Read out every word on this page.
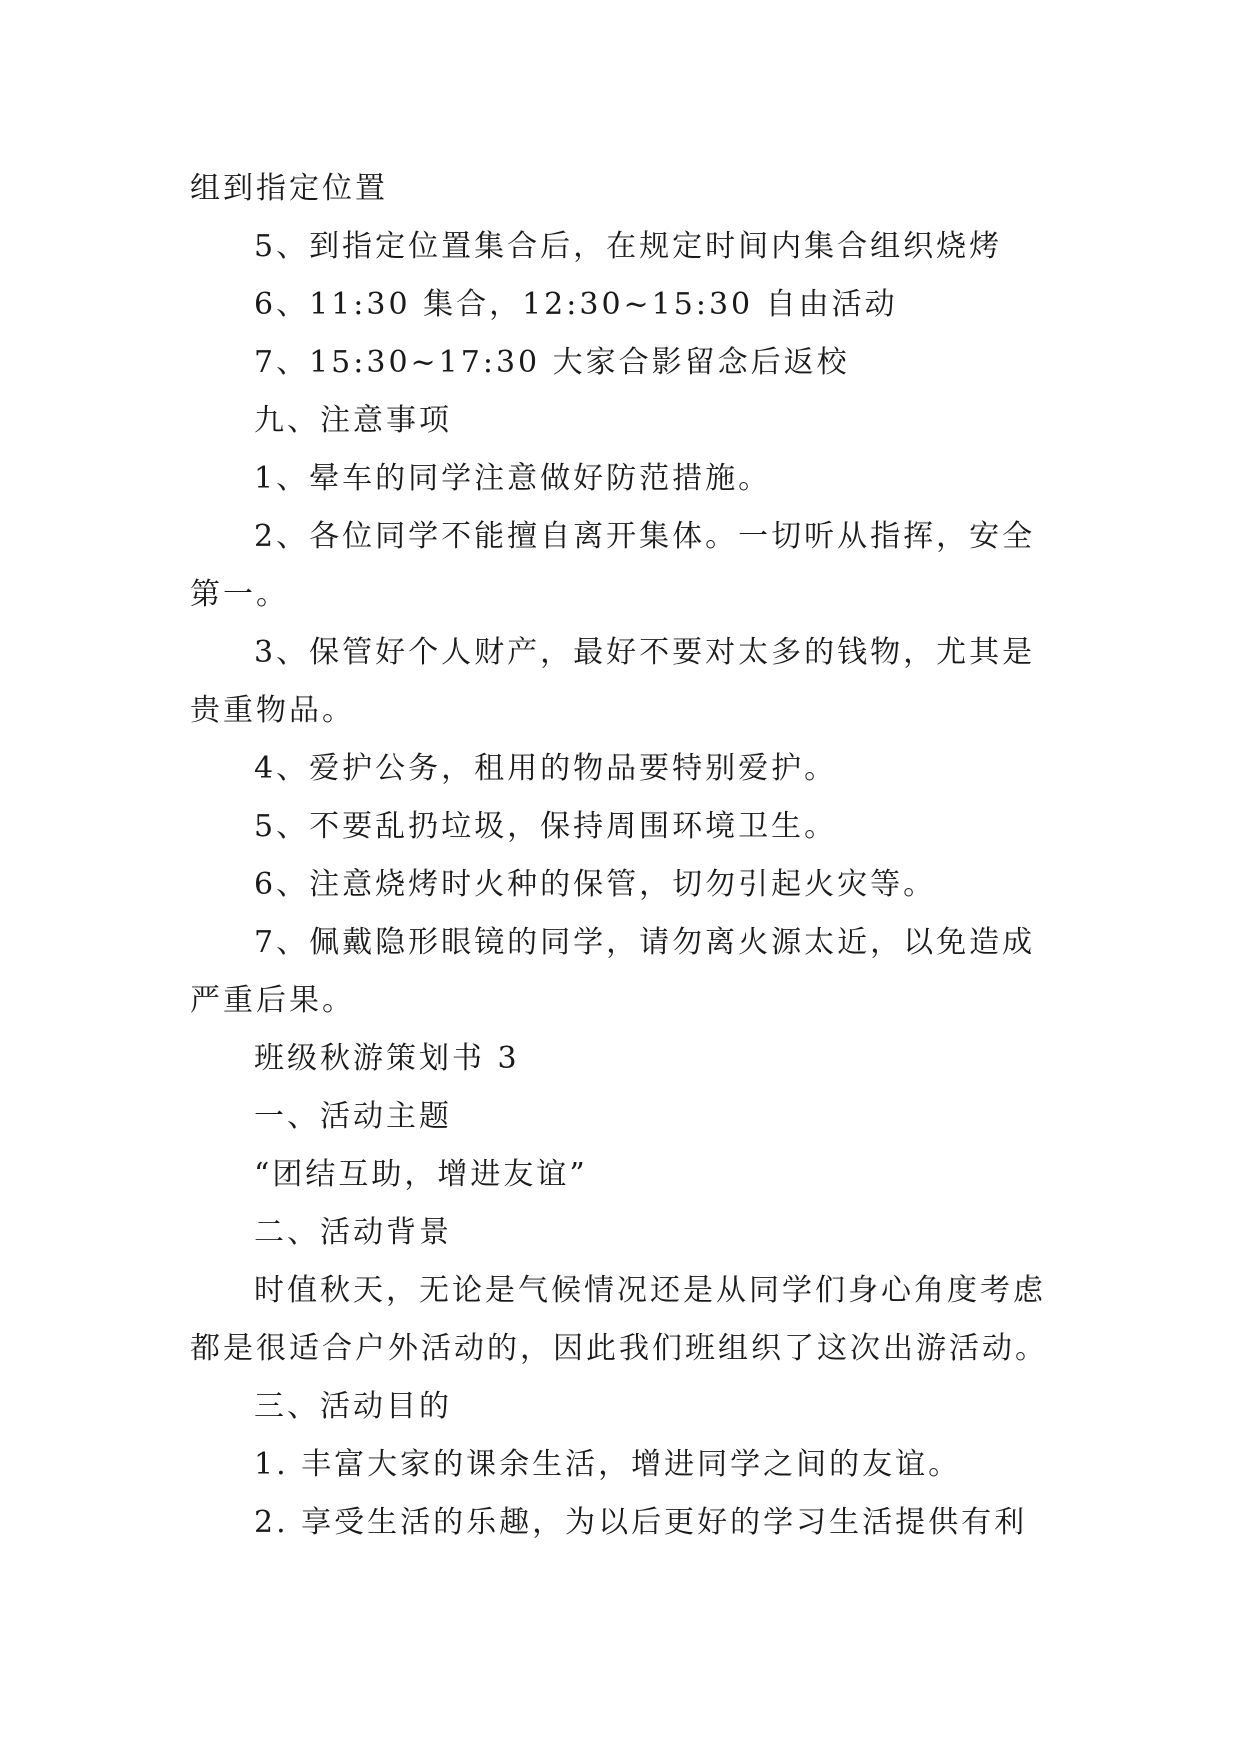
组到指定位置
5、到指定位置集合后，在规定时间内集合组织烧烤
6、11:30 集合，12:30~15:30 自由活动
7、15:30~17:30 大家合影留念后返校
九、注意事项
1、晕车的同学注意做好防范措施。
2、各位同学不能擅自离开集体。一切听从指挥，安全
第一。
3、保管好个人财产，最好不要对太多的钱物，尤其是
贵重物品。
4、爱护公务，租用的物品要特别爱护。
5、不要乱扔垃圾，保持周围环境卫生。
6、注意烧烤时火种的保管，切勿引起火灾等。
7、佩戴隐形眼镜的同学，请勿离火源太近，以免造成
严重后果。
班级秋游策划书 3
一、活动主题
“团结互助，增进友谊”
二、活动背景
时值秋天，无论是气候情况还是从同学们身心角度考虑
都是很适合户外活动的，因此我们班组织了这次出游活动。
三、活动目的
1. 丰富大家的课余生活，增进同学之间的友谊。
2. 享受生活的乐趣，为以后更好的学习生活提供有利
